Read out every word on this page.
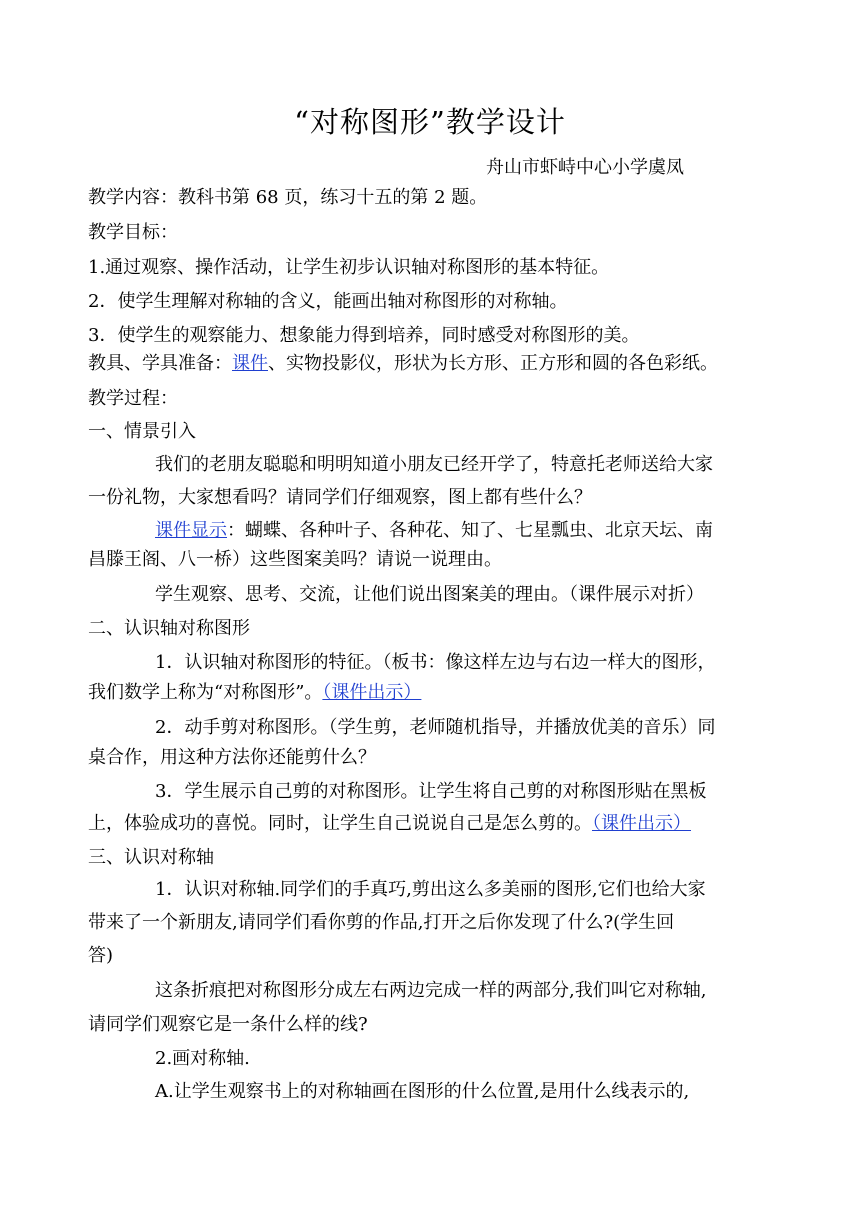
“对称图形”教学设计
舟山市虾峙中心小学虞凤
教学内容：教科书第 68 页，练习十五的第 2 题。
教学目标：
1.通过观察、操作活动，让学生初步认识轴对称图形的基本特征。
2．使学生理解对称轴的含义，能画出轴对称图形的对称轴。
3．使学生的观察能力、想象能力得到培养，同时感受对称图形的美。
教具、学具准备：课件、实物投影仪，形状为长方形、正方形和圆的各色彩纸。
教学过程：
一、情景引入
我们的老朋友聪聪和明明知道小朋友已经开学了，特意托老师送给大家
一份礼物，大家想看吗？请同学们仔细观察，图上都有些什么？
课件显示：蝴蝶、各种叶子、各种花、知了、七星瓢虫、北京天坛、南
昌滕王阁、八一桥）这些图案美吗？请说一说理由。
学生观察、思考、交流，让他们说出图案美的理由。（课件展示对折）
二、认识轴对称图形
1．认识轴对称图形的特征。（板书：像这样左边与右边一样大的图形，
我们数学上称为“对称图形”。（课件出示）
2．动手剪对称图形。（学生剪，老师随机指导，并播放优美的音乐）同
桌合作，用这种方法你还能剪什么？
3．学生展示自己剪的对称图形。让学生将自己剪的对称图形贴在黑板
上，体验成功的喜悦。同时，让学生自己说说自己是怎么剪的。（课件出示）
三、认识对称轴
1．认识对称轴.同学们的手真巧,剪出这么多美丽的图形,它们也给大家
带来了一个新朋友,请同学们看你剪的作品,打开之后你发现了什么?(学生回
答)
这条折痕把对称图形分成左右两边完成一样的两部分,我们叫它对称轴,
请同学们观察它是一条什么样的线?
2.画对称轴.
A.让学生观察书上的对称轴画在图形的什么位置,是用什么线表示的,
